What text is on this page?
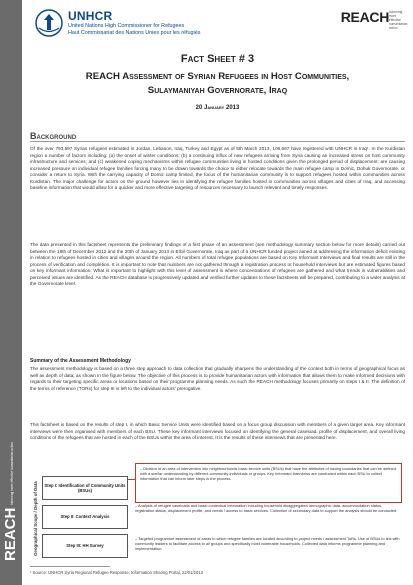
REACH
Informing more effective humanitarian action
UNHCR
United Nations High Commissioner for Refugees
Haut Commissariat des Nations Unies pour les réfugiés
REACH Informing more effective humanitarian action
Fact Sheet # 3
REACH Assessment of Syrian Refugees in Host Communities,
Sulaymaniyah Governorate, Iraq
20 January 2013
Background
Of the over 793,597 Syrian refugees estimated in Jordan, Lebanon, Iraq, Turkey and Egypt as of 5th March 2013, 106,697 have registered with UNHCR in Iraq¹. In the Kurdistan region a number of factors including: (a) the onset of winter conditions; (b) a continuing influx of new refugees arriving from Syria causing an increased stress on host community infrastructure and services; and (c) weakened coping mechanisms within refugee communities living in hosted conditions given the prolonged period of displacement; are causing increased pressure on individual refugee families forcing many to be drawn towards the choice to either relocate towards the main refugee camp in Domiz, Dohuk Governorate, or consider a return to Syria. With the carrying capacity of Domiz camp limited, the focus of the humanitarian community is to support refugees hosted within communities across Kurdistan. The major challenge for actors on the ground however lies in identifying the refugee families hosted in communities across villages and cities of Iraq, and accessing baseline information that would allow for a quicker and more effective targeting of resources necessary to launch relevant and timely responses.
The data presented in this factsheet represents the preliminary findings of a first phase of an assessment (see methodology summary section below for more details) carried out between the 18th of December 2012 and the 20th of January 2013 in Erbil Governorate, Iraq as part of a UNHCR funded project aimed at addressing the information deficit existing in relation to refugees hosted in cities and villages around the region. All numbers of total refugee populations are based on Key Informant Interviews and final results are still in the process of verification and completion. It is important to note that numbers are not gathered through a registration process or household interviews but are estimated figures based on key informant information. What is important to highlight with this level of assessment is where concentrations of refugees are gathered and what trends in vulnerabilities and perceived issues are identified. As the REACH database is progressively updated and verified further updates to these factsheets will be prepared, contributing to a wider analysis at the Governorate level.
Summary of the Assessment Methodology
The assessment methodology is based on a three step approach to data collection that gradually sharpens the understanding of the context both in terms of geographical focus as well as depth of data; as shown in the figure below. The objective of this process is to provide humanitarian actors with information that allows them to make informed decisions with regards to their targeting specific areas or locations based on their programme planning needs. As such the REACH methodology focuses primarily on steps I & II. The definition of the terms of reference (TORs) for step III is left to the individual actors' prerogative.
This factsheet is based on the results of step I, in which Basic Service Units were identified based on a focus group discussion with members of a given target area. Key informant interviews were then organised with members of each BSU. These key informant interviews focused on identifying the general caseload, profile of displacement, and overall living conditions of the refugees that are hosted in each of the BSUs within the area of interest. It is the results of these interviews that are presented here.
Geographical Scope / Depth of Data	Step I: Identification of Community Units (BSUs)
Step II: Context Analysis
Step III: HH Survey
– Division of an area of intervention into neighbourhoods basic service units (BSUs) that have the attributes of having boundaries that can be defined with a similar understanding by different community individuals or groups. Key Informant Interviews are conducted within each BSU to collect information that can inform later steps in the process.
– Analysis of refugee caseloads and basic contextual information including household disaggregated demographic data, accommodation status, registration status, displacement profile, and needs / access to basic services. Collection of secondary data to support the analysis should be conducted.
– Targeted programme assessment of areas in which refugee families are located according to project needs / assessment ToRs. Use of BSUs to link with community leaders to facilitate access to all groups and specifically most vulnerable households. Collected data informs programme planning and implementation.
¹ Source: UNHCR Syria Regional Refugee Response; Information Sharing Portal, 22/01/2013
